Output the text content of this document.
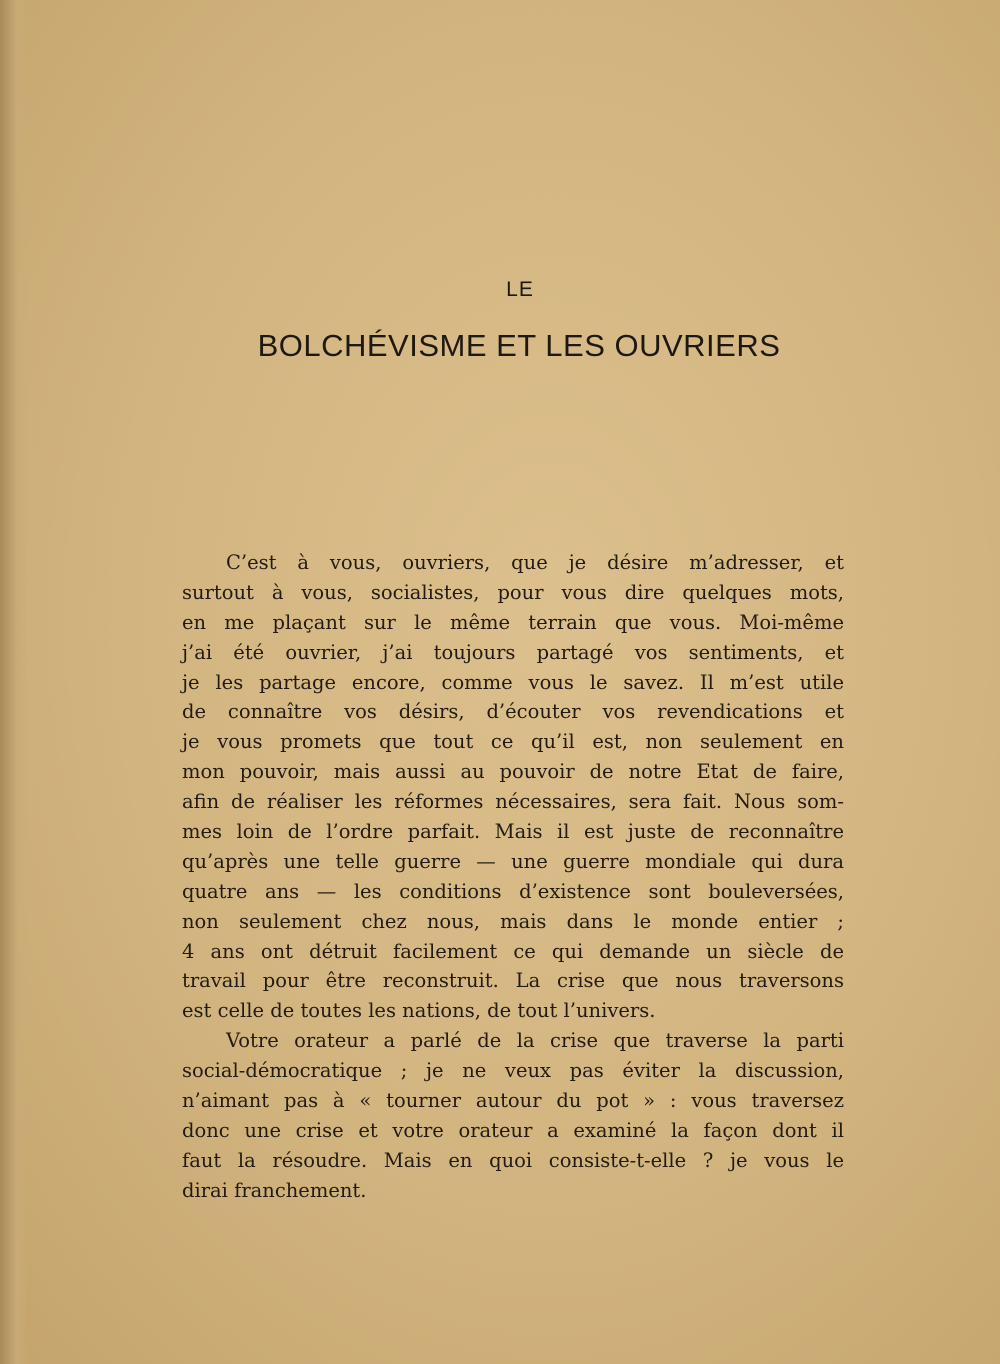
LE
BOLCHÉVISME ET LES OUVRIERS
C’est à vous, ouvriers, que je désire m’adresser, et
surtout à vous, socialistes, pour vous dire quelques mots,
en me plaçant sur le même terrain que vous. Moi-même
j’ai été ouvrier, j’ai toujours partagé vos sentiments, et
je les partage encore, comme vous le savez. Il m’est utile
de connaître vos désirs, d’écouter vos revendications et
je vous promets que tout ce qu’il est, non seulement en
mon pouvoir, mais aussi au pouvoir de notre Etat de faire,
afin de réaliser les réformes nécessaires, sera fait. Nous som-
mes loin de l’ordre parfait. Mais il est juste de reconnaître
qu’après une telle guerre — une guerre mondiale qui dura
quatre ans — les conditions d’existence sont bouleversées,
non seulement chez nous, mais dans le monde entier ;
4 ans ont détruit facilement ce qui demande un siècle de
travail pour être reconstruit. La crise que nous traversons
est celle de toutes les nations, de tout l’univers.
Votre orateur a parlé de la crise que traverse la parti
social-démocratique ; je ne veux pas éviter la discussion,
n’aimant pas à « tourner autour du pot » : vous traversez
donc une crise et votre orateur a examiné la façon dont il
faut la résoudre. Mais en quoi consiste-t-elle ? je vous le
dirai franchement.
